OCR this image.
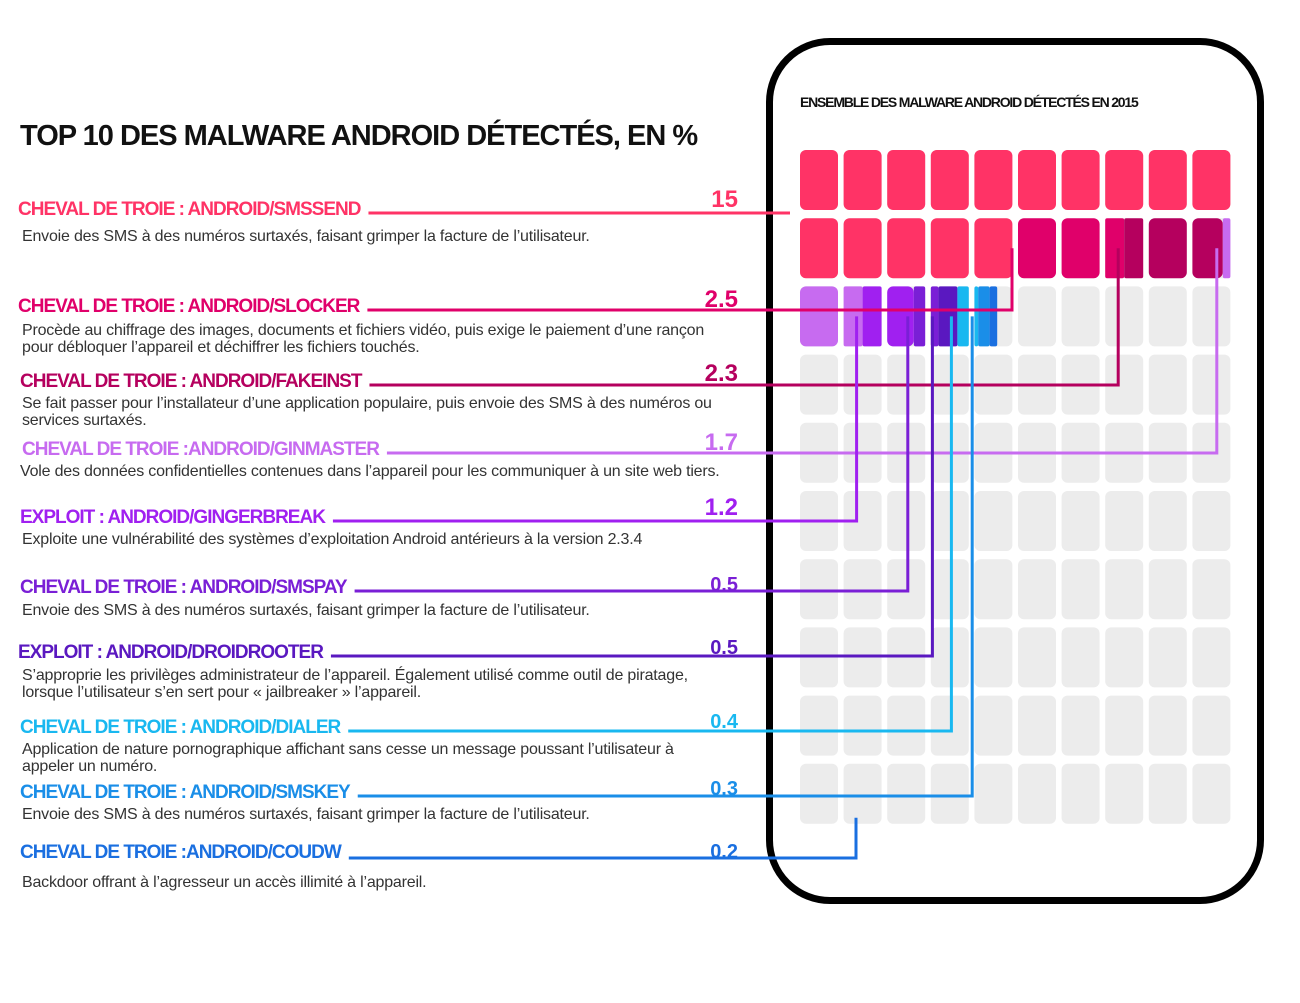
TOP 10 DES MALWARE ANDROID DÉTECTÉS, EN %
ENSEMBLE DES MALWARE ANDROID DÉTECTÉS EN 2015
CHEVAL DE TROIE : ANDROID/SMSSEND
Envoie des SMS à des numéros surtaxés, faisant grimper la facture de l’utilisateur.
CHEVAL DE TROIE : ANDROID/SLOCKER
Procède au chiffrage des images, documents et fichiers vidéo, puis exige le paiement d’une rançon pour débloquer l’appareil et déchiffrer les fichiers touchés.
CHEVAL DE TROIE : ANDROID/FAKEINST
Se fait passer pour l’installateur d’une application populaire, puis envoie des SMS à des numéros ou services surtaxés.
CHEVAL DE TROIE :ANDROID/GINMASTER
Vole des données confidentielles contenues dans l’appareil pour les communiquer à un site web tiers.
EXPLOIT : ANDROID/GINGERBREAK
Exploite une vulnérabilité des systèmes d’exploitation Android antérieurs à la version 2.3.4
CHEVAL DE TROIE : ANDROID/SMSPAY
Envoie des SMS à des numéros surtaxés, faisant grimper la facture de l’utilisateur.
EXPLOIT : ANDROID/DROIDROOTER
S’approprie les privilèges administrateur de l’appareil. Également utilisé comme outil de piratage, lorsque l’utilisateur s’en sert pour « jailbreaker » l’appareil.
CHEVAL DE TROIE : ANDROID/DIALER
Application de nature pornographique affichant sans cesse un message poussant l’utilisateur à appeler un numéro.
CHEVAL DE TROIE : ANDROID/SMSKEY
Envoie des SMS à des numéros surtaxés, faisant grimper la facture de l’utilisateur.
CHEVAL DE TROIE :ANDROID/COUDW
Backdoor offrant à l’agresseur un accès illimité à l’appareil.
15
2.5
2.3
1.7
1.2
0.5
0.5
0.4
0.3
0.2
